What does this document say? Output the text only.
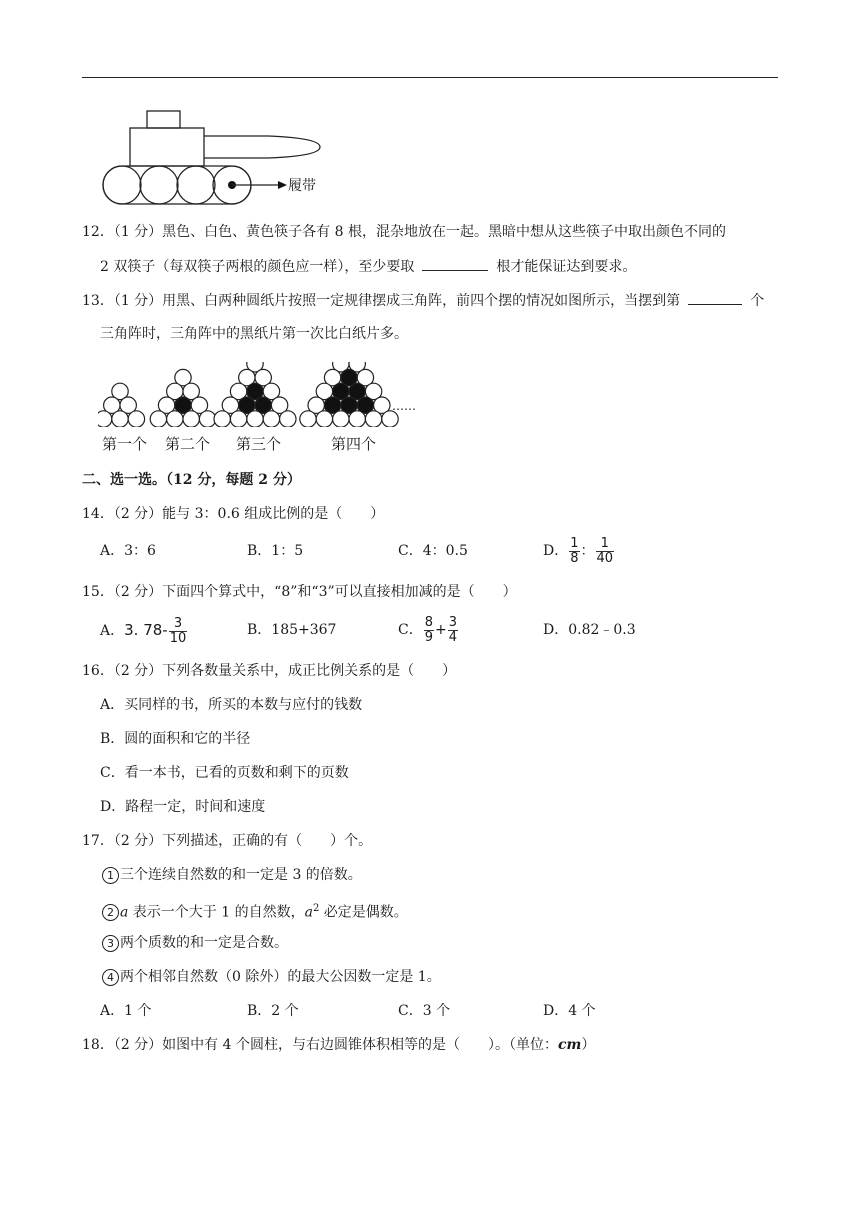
履带
12．（1 分）黑色、白色、黄色筷子各有 8 根，混杂地放在一起。黑暗中想从这些筷子中取出颜色不同的
2 双筷子（每双筷子两根的颜色应一样），至少要取	根才能保证达到要求。
13．（1 分）用黑、白两种圆纸片按照一定规律摆成三角阵，前四个摆的情况如图所示，当摆到第	个
三角阵时，三角阵中的黑纸片第一次比白纸片多。
第一个 第二个 第三个	第四个
……
二、选一选。（12 分，每题 2 分）
14．（2 分）能与 3：0.6 组成比例的是（　　）
A．3：6	B．1：5	C．4：0.5	D． $\frac{1}{8}$ ： $\frac{1}{40}$
15．（2 分）下面四个算式中，“8”和“3”可以直接相加减的是（　　）
A．3. $78- \frac{3}{10}$	B．185+367	C． $\frac{8}{9} + \frac{3}{4}$	D．0.82﹣0.3
16．（2 分）下列各数量关系中，成正比例关系的是（　　）
A．买同样的书，所买的本数与应付的钱数
B．圆的面积和它的半径
C．看一本书，已看的页数和剩下的页数
D．路程一定，时间和速度
17．（2 分）下列描述，正确的有（　　）个。
1 三个连续自然数的和一定是 3 的倍数。
2 a 表示一个大于 1 的自然数，$a^2$ 必定是偶数。
3 两个质数的和一定是合数。
4 两个相邻自然数（0 除外）的最大公因数一定是 1。
A．1 个	B．2 个	C．3 个	D．4 个
18．（2 分）如图中有 4 个圆柱，与右边圆锥体积相等的是（　　）。（单位：cm）
